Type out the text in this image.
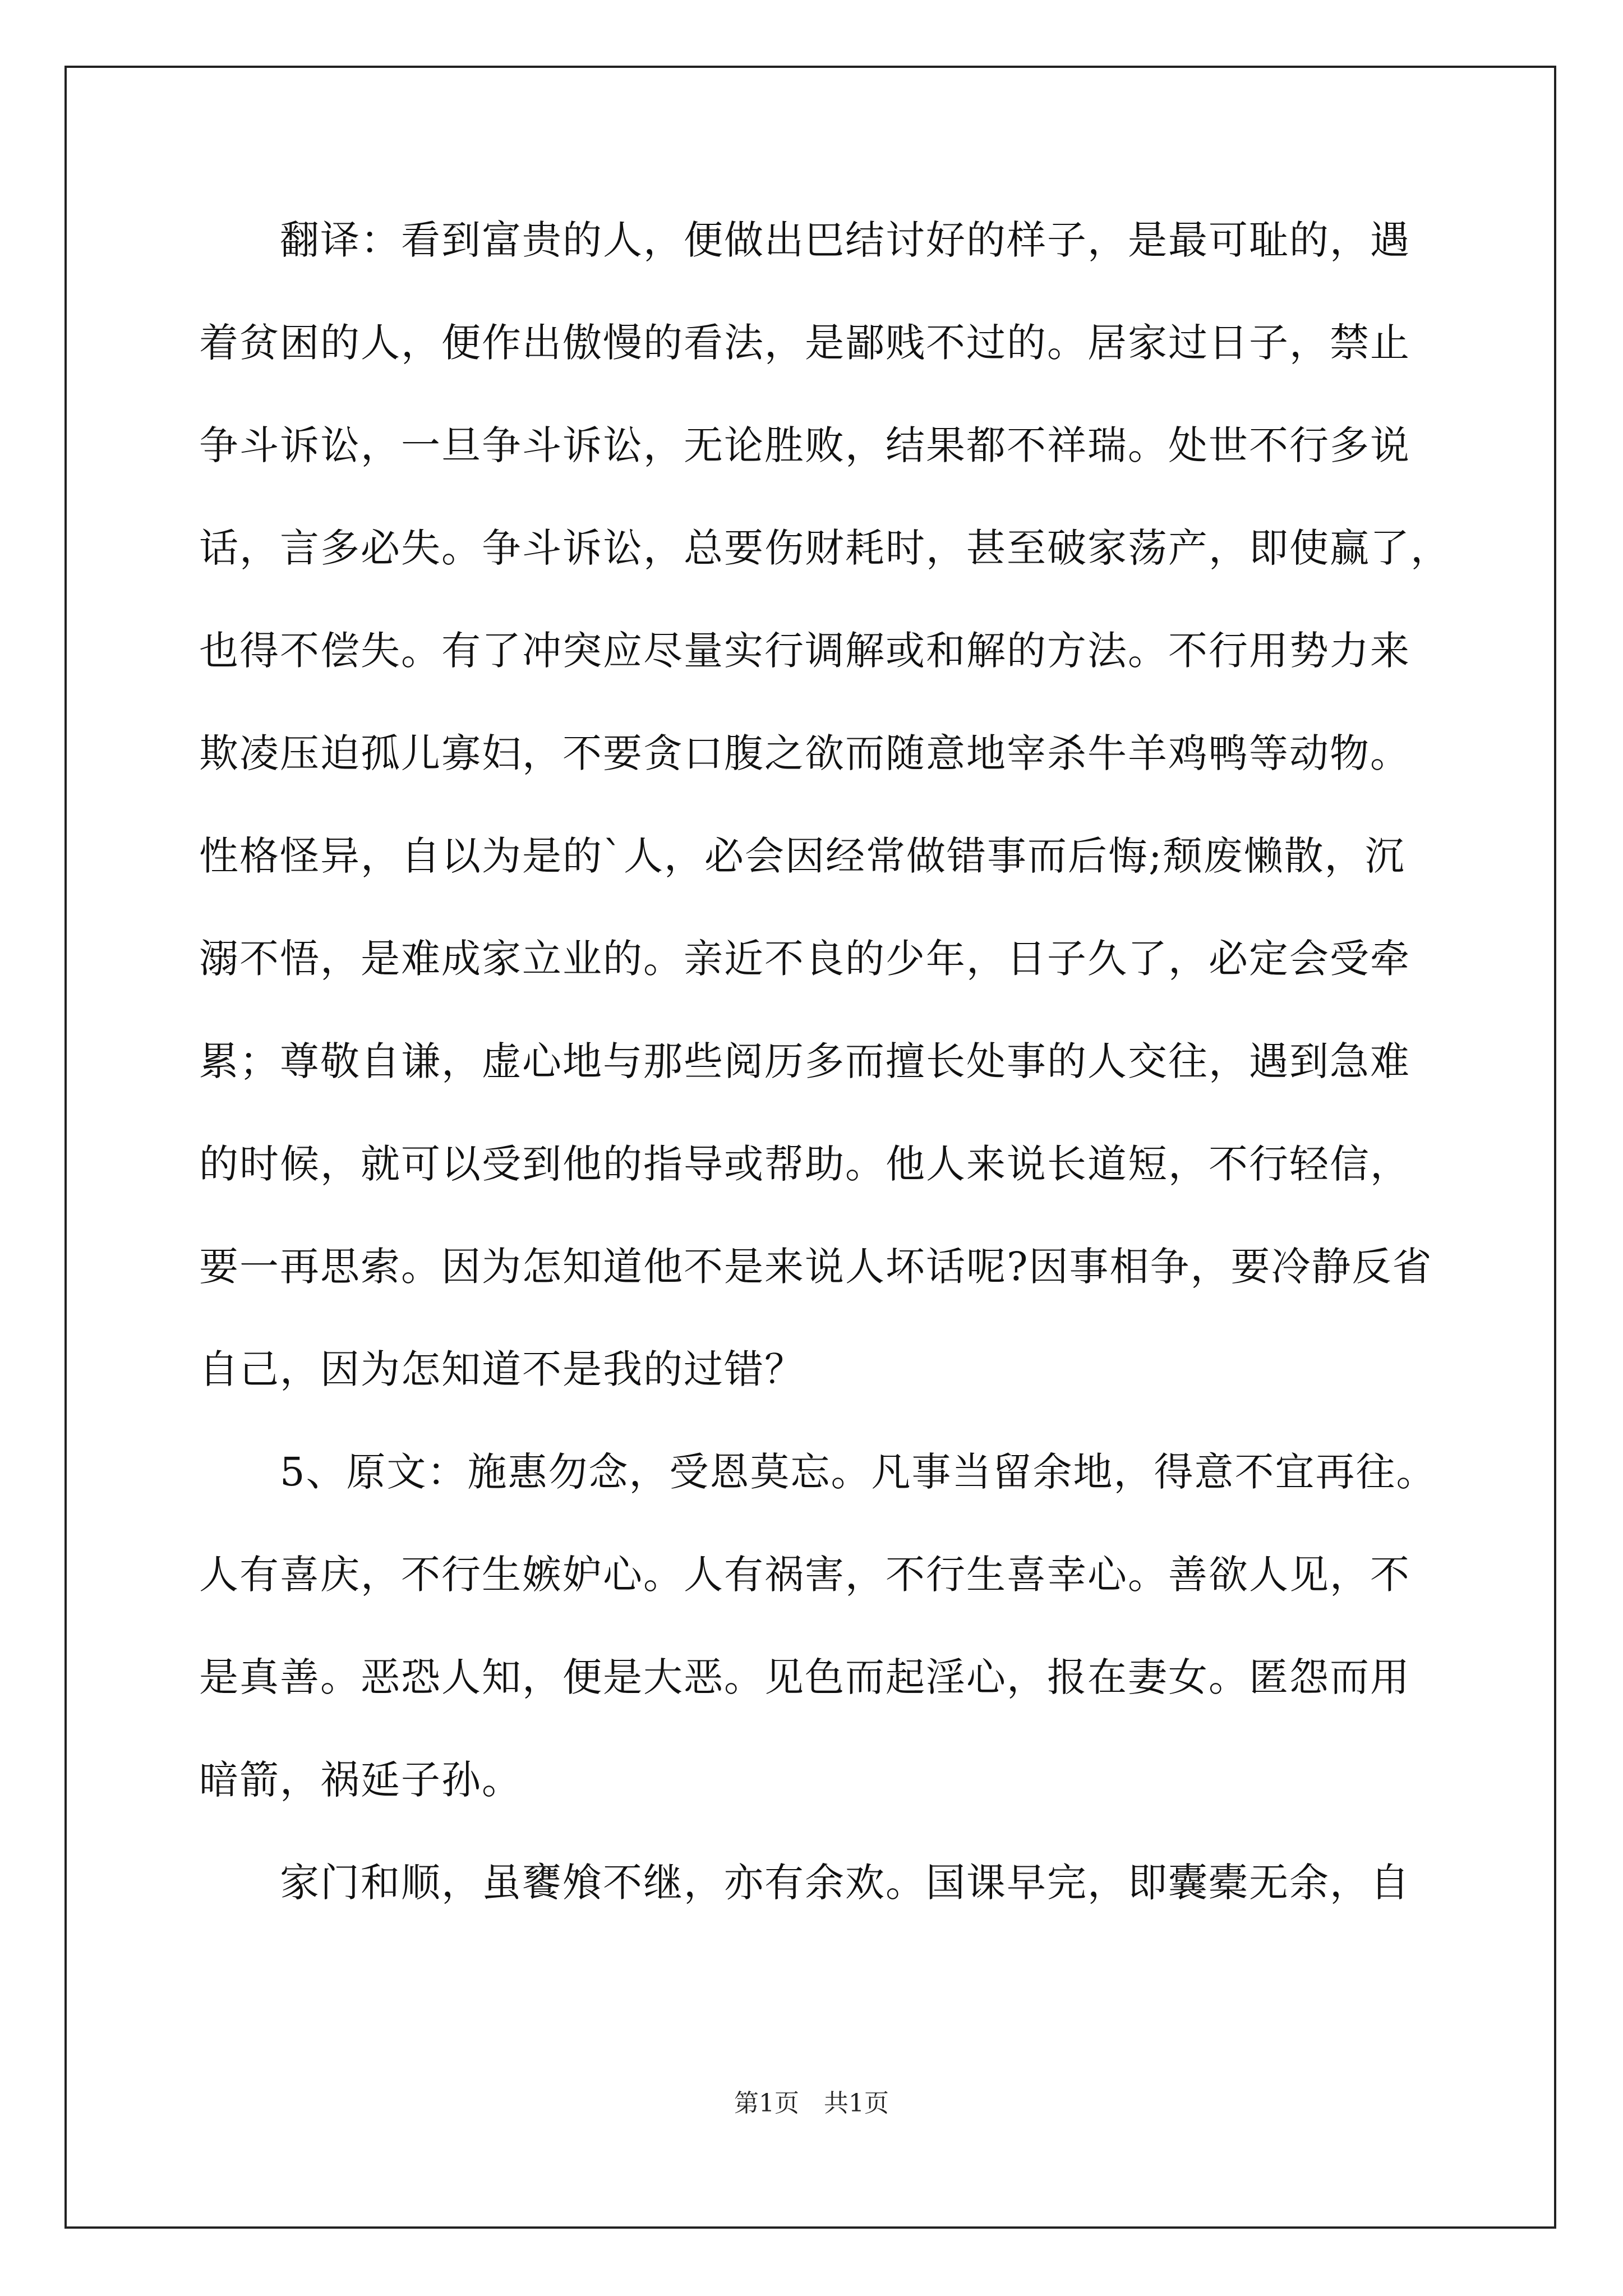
　　翻译：看到富贵的人，便做出巴结讨好的样子，是最可耻的，遇
着贫困的人，便作出傲慢的看法，是鄙贱不过的。居家过日子，禁止
争斗诉讼，一旦争斗诉讼，无论胜败，结果都不祥瑞。处世不行多说
话，言多必失。争斗诉讼，总要伤财耗时，甚至破家荡产，即使赢了，
也得不偿失。有了冲突应尽量实行调解或和解的方法。不行用势力来
欺凌压迫孤儿寡妇，不要贪口腹之欲而随意地宰杀牛羊鸡鸭等动物。
性格怪异，自以为是的`人，必会因经常做错事而后悔;颓废懒散，沉
溺不悟，是难成家立业的。亲近不良的少年，日子久了，必定会受牵
累；尊敬自谦，虚心地与那些阅历多而擅长处事的人交往，遇到急难
的时候，就可以受到他的指导或帮助。他人来说长道短，不行轻信，
要一再思索。因为怎知道他不是来说人坏话呢?因事相争，要冷静反省
自己，因为怎知道不是我的过错？
　　5、原文：施惠勿念，受恩莫忘。凡事当留余地，得意不宜再往。
人有喜庆，不行生嫉妒心。人有祸害，不行生喜幸心。善欲人见，不
是真善。恶恐人知，便是大恶。见色而起淫心，报在妻女。匿怨而用
暗箭，祸延子孙。
　　家门和顺，虽饔飧不继，亦有余欢。国课早完，即囊橐无余，自
第1页　共1页
